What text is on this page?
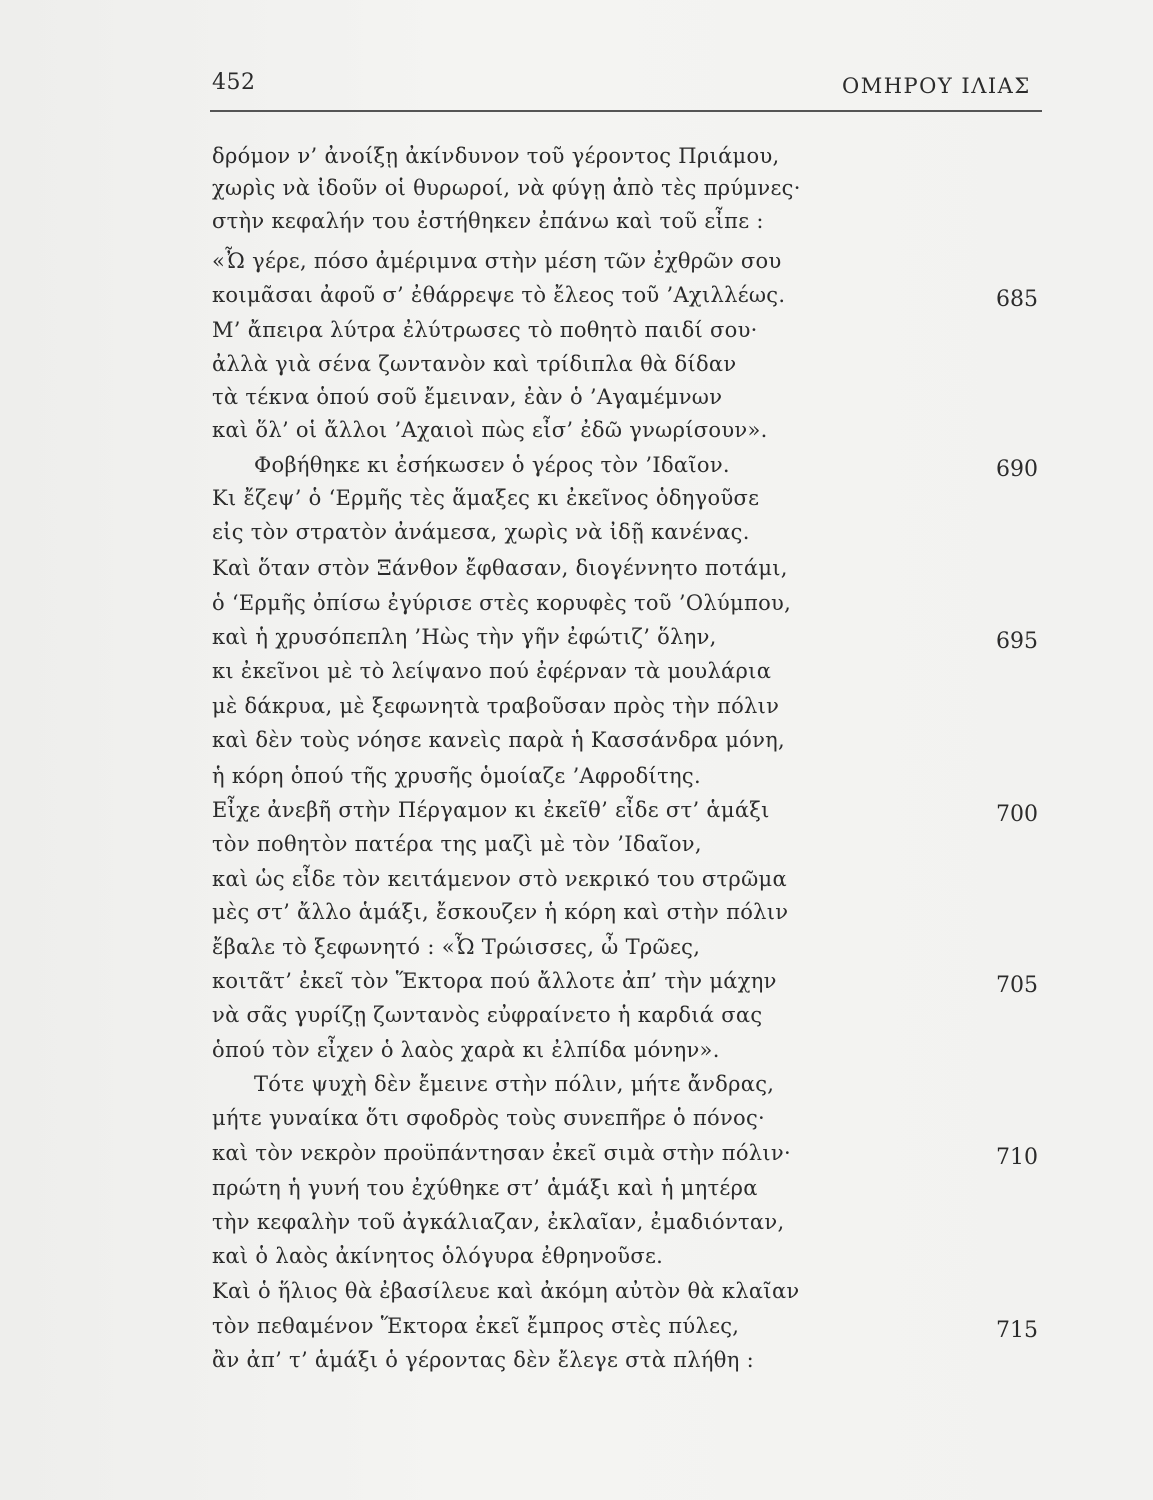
452	ΟΜΗΡΟΥ ΙΛΙΑΣ
δρόμον ν’ ἀνοίξῃ ἀκίνδυνον τοῦ γέροντος Πριάμου,
χωρὶς νὰ ἰδοῦν οἱ θυρωροί, νὰ φύγῃ ἀπὸ τὲς πρύμνες·
στὴν κεφαλήν του ἐστήθηκεν ἐπάνω καὶ τοῦ εἶπε :
«Ὦ γέρε, πόσο ἀμέριμνα στὴν μέση τῶν ἐχθρῶν σου
κοιμᾶσαι ἀφοῦ σ’ ἐθάρρεψε τὸ ἔλεος τοῦ ’Αχιλλέως.
Μ’ ἄπειρα λύτρα ἐλύτρωσες τὸ ποθητὸ παιδί σου·
ἀλλὰ γιὰ σένα ζωντανὸν καὶ τρίδιπλα θὰ δίδαν
τὰ τέκνα ὁπού σοῦ ἔμειναν, ἐὰν ὁ ’Αγαμέμνων
καὶ ὅλ’ οἱ ἄλλοι ’Αχαιοὶ πὼς εἶσ’ ἐδῶ γνωρίσουν».
Φοβήθηκε κι ἐσήκωσεν ὁ γέρος τὸν ’Ιδαῖον.
Κι ἔζεψ’ ὁ ‘Ερμῆς τὲς ἅμαξες κι ἐκεῖνος ὁδηγοῦσε
εἰς τὸν στρατὸν ἀνάμεσα, χωρὶς νὰ ἰδῇ κανένας.
Καὶ ὅταν στὸν Ξάνθον ἔφθασαν, διογέννητο ποτάμι,
ὁ ‘Ερμῆς ὀπίσω ἐγύρισε στὲς κορυφὲς τοῦ ’Ολύμπου,
καὶ ἡ χρυσόπεπλη ’Ηὼς τὴν γῆν ἐφώτιζ’ ὅλην,
κι ἐκεῖνοι μὲ τὸ λείψανο πού ἐφέρναν τὰ μουλάρια
μὲ δάκρυα, μὲ ξεφωνητὰ τραβοῦσαν πρὸς τὴν πόλιν
καὶ δὲν τοὺς νόησε κανεὶς παρὰ ἡ Κασσάνδρα μόνη,
ἡ κόρη ὁπού τῆς χρυσῆς ὁμοίαζε ’Αφροδίτης.
Εἶχε ἀνεβῆ στὴν Πέργαμον κι ἐκεῖθ’ εἶδε στ’ ἁμάξι
τὸν ποθητὸν πατέρα της μαζὶ μὲ τὸν ’Ιδαῖον,
καὶ ὡς εἶδε τὸν κειτάμενον στὸ νεκρικό του στρῶμα
μὲς στ’ ἄλλο ἁμάξι, ἔσκουζεν ἡ κόρη καὶ στὴν πόλιν
ἔβαλε τὸ ξεφωνητό : «Ὦ Τρώισσες, ὦ Τρῶες,
κοιτᾶτ’ ἐκεῖ τὸν Ἕκτορα πού ἄλλοτε ἀπ’ τὴν μάχην
νὰ σᾶς γυρίζῃ ζωντανὸς εὐφραίνετο ἡ καρδιά σας
ὁπού τὸν εἶχεν ὁ λαὸς χαρὰ κι ἐλπίδα μόνην».
Τότε ψυχὴ δὲν ἔμεινε στὴν πόλιν, μήτε ἄνδρας,
μήτε γυναίκα ὅτι σφοδρὸς τοὺς συνεπῆρε ὁ πόνος·
καὶ τὸν νεκρὸν προϋπάντησαν ἐκεῖ σιμὰ στὴν πόλιν·
πρώτη ἡ γυνή του ἐχύθηκε στ’ ἁμάξι καὶ ἡ μητέρα
τὴν κεφαλὴν τοῦ ἀγκάλιαζαν, ἐκλαῖαν, ἐμαδιόνταν,
καὶ ὁ λαὸς ἀκίνητος ὁλόγυρα ἐθρηνοῦσε.
Καὶ ὁ ἥλιος θὰ ἐβασίλευε καὶ ἀκόμη αὐτὸν θὰ κλαῖαν
τὸν πεθαμένον Ἕκτορα ἐκεῖ ἔμπρος στὲς πύλες,
ἂν ἀπ’ τ’ ἁμάξι ὁ γέροντας δὲν ἔλεγε στὰ πλήθη :
685
690
695
700
705
710
715
